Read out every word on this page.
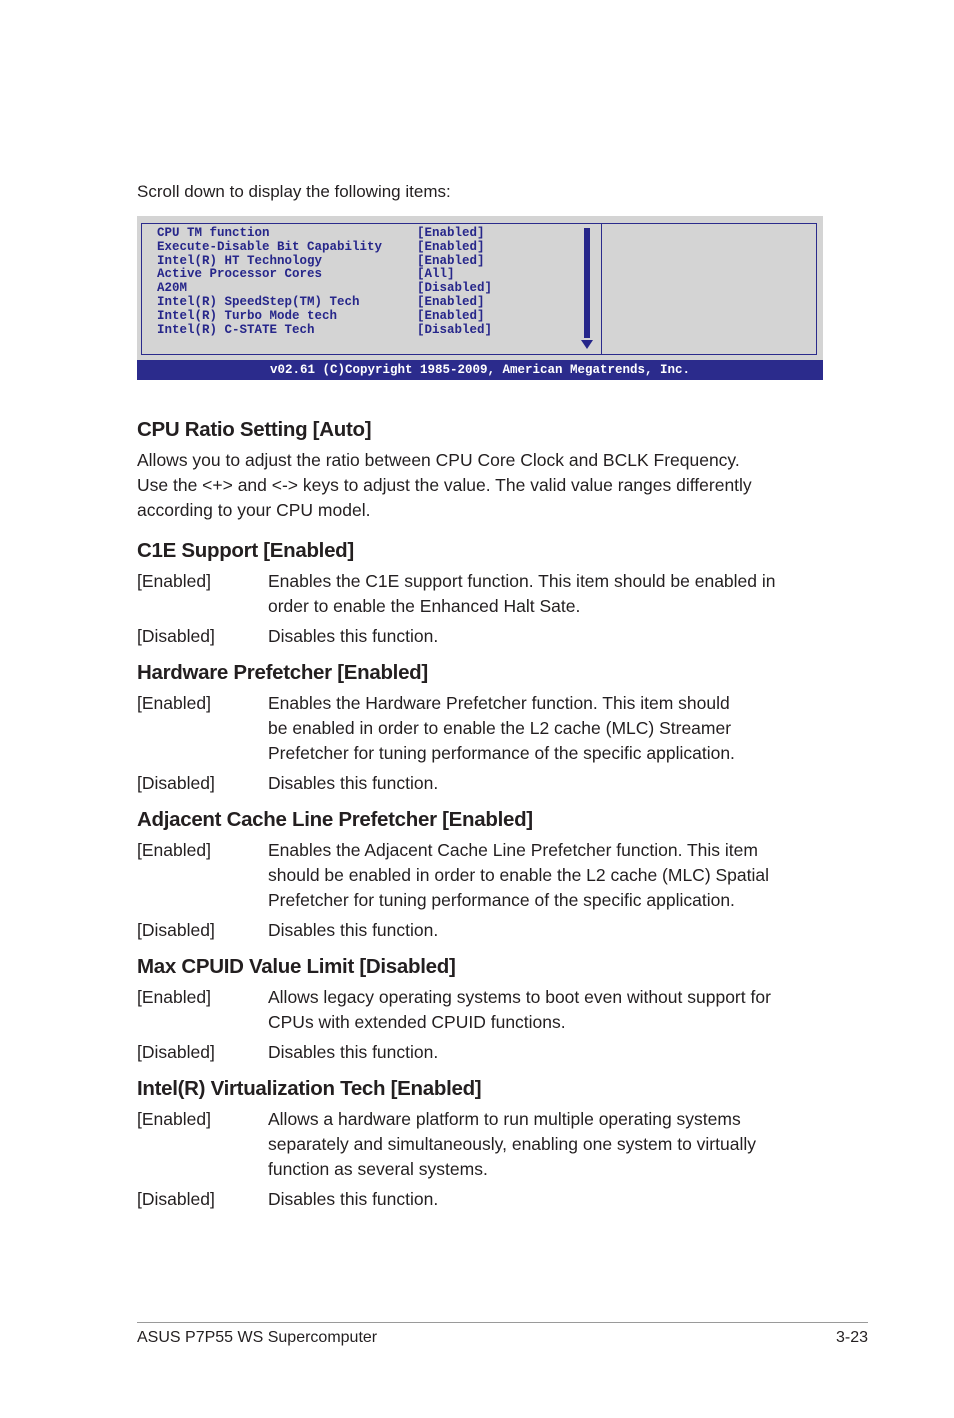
Scroll down to display the following items:
CPU TM function	[Enabled]
Execute-Disable Bit Capability	[Enabled]
Intel(R) HT Technology	[Enabled]
Active Processor Cores	[All]
A20M	[Disabled]
Intel(R) SpeedStep(TM) Tech	[Enabled]
Intel(R) Turbo Mode tech	[Enabled]
Intel(R) C-STATE Tech	[Disabled]
v02.61 (C)Copyright 1985-2009, American Megatrends, Inc.
CPU Ratio Setting [Auto]

Allows you to adjust the ratio between CPU Core Clock and BCLK Frequency.

Use the <+> and <-> keys to adjust the value. The valid value ranges differently

according to your CPU model.

C1E Support [Enabled]
[Enabled]	Enables the C1E support function. This item should be enabled in

order to enable the Enhanced Halt Sate.

[Disabled]	Disables this function.

Hardware Prefetcher [Enabled]
[Enabled]	Enables the Hardware Prefetcher function. This item should

be enabled in order to enable the L2 cache (MLC) Streamer

Prefetcher for tuning performance of the specific application.

[Disabled]	Disables this function.

Adjacent Cache Line Prefetcher [Enabled]
[Enabled]	Enables the Adjacent Cache Line Prefetcher function. This item

should be enabled in order to enable the L2 cache (MLC) Spatial

Prefetcher for tuning performance of the specific application.

[Disabled]	Disables this function.

Max CPUID Value Limit [Disabled]
[Enabled]	Allows legacy operating systems to boot even without support for

CPUs with extended CPUID functions.

[Disabled]	Disables this function.

Intel(R) Virtualization Tech [Enabled]
[Enabled]	Allows a hardware platform to run multiple operating systems

separately and simultaneously, enabling one system to virtually

function as several systems.

[Disabled]	Disables this function.

ASUS P7P55 WS Supercomputer	3-23
